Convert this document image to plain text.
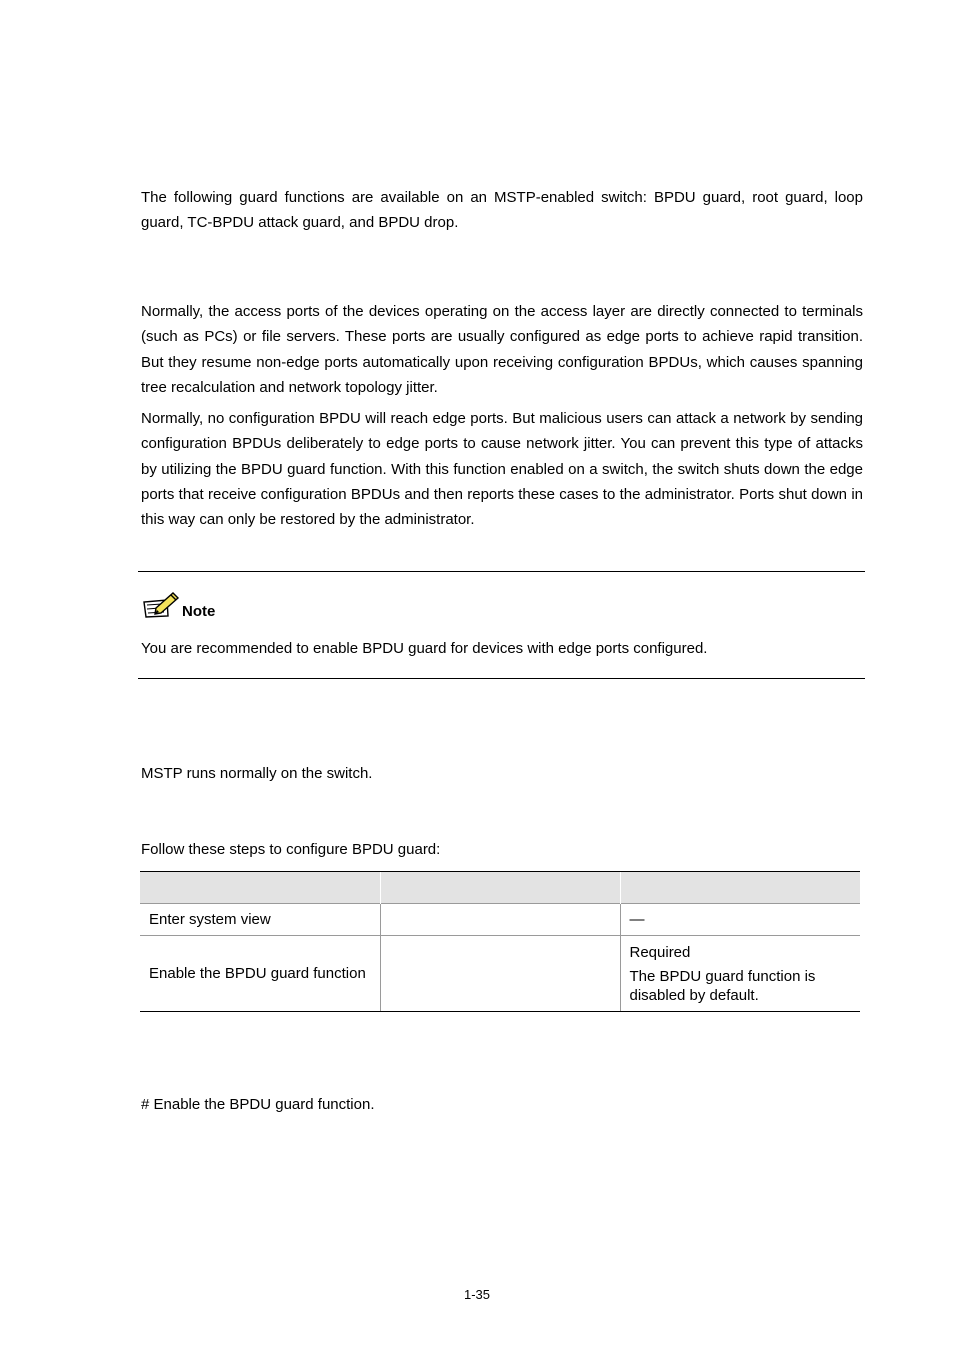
The following guard functions are available on an MSTP-enabled switch: BPDU guard, root guard, loop guard, TC-BPDU attack guard, and BPDU drop.

Normally, the access ports of the devices operating on the access layer are directly connected to terminals (such as PCs) or file servers. These ports are usually configured as edge ports to achieve rapid transition. But they resume non-edge ports automatically upon receiving configuration BPDUs, which causes spanning tree recalculation and network topology jitter.

Normally, no configuration BPDU will reach edge ports. But malicious users can attack a network by sending configuration BPDUs deliberately to edge ports to cause network jitter. You can prevent this type of attacks by utilizing the BPDU guard function. With this function enabled on a switch, the switch shuts down the edge ports that receive configuration BPDUs and then reports these cases to the administrator. Ports shut down in this way can only be restored by the administrator.

Note

You are recommended to enable BPDU guard for devices with edge ports configured.

MSTP runs normally on the switch.

Follow these steps to configure BPDU guard:

Enter system view		—

Enable the BPDU guard function		Required

The BPDU guard function is disabled by default.

# Enable the BPDU guard function.

1-35
